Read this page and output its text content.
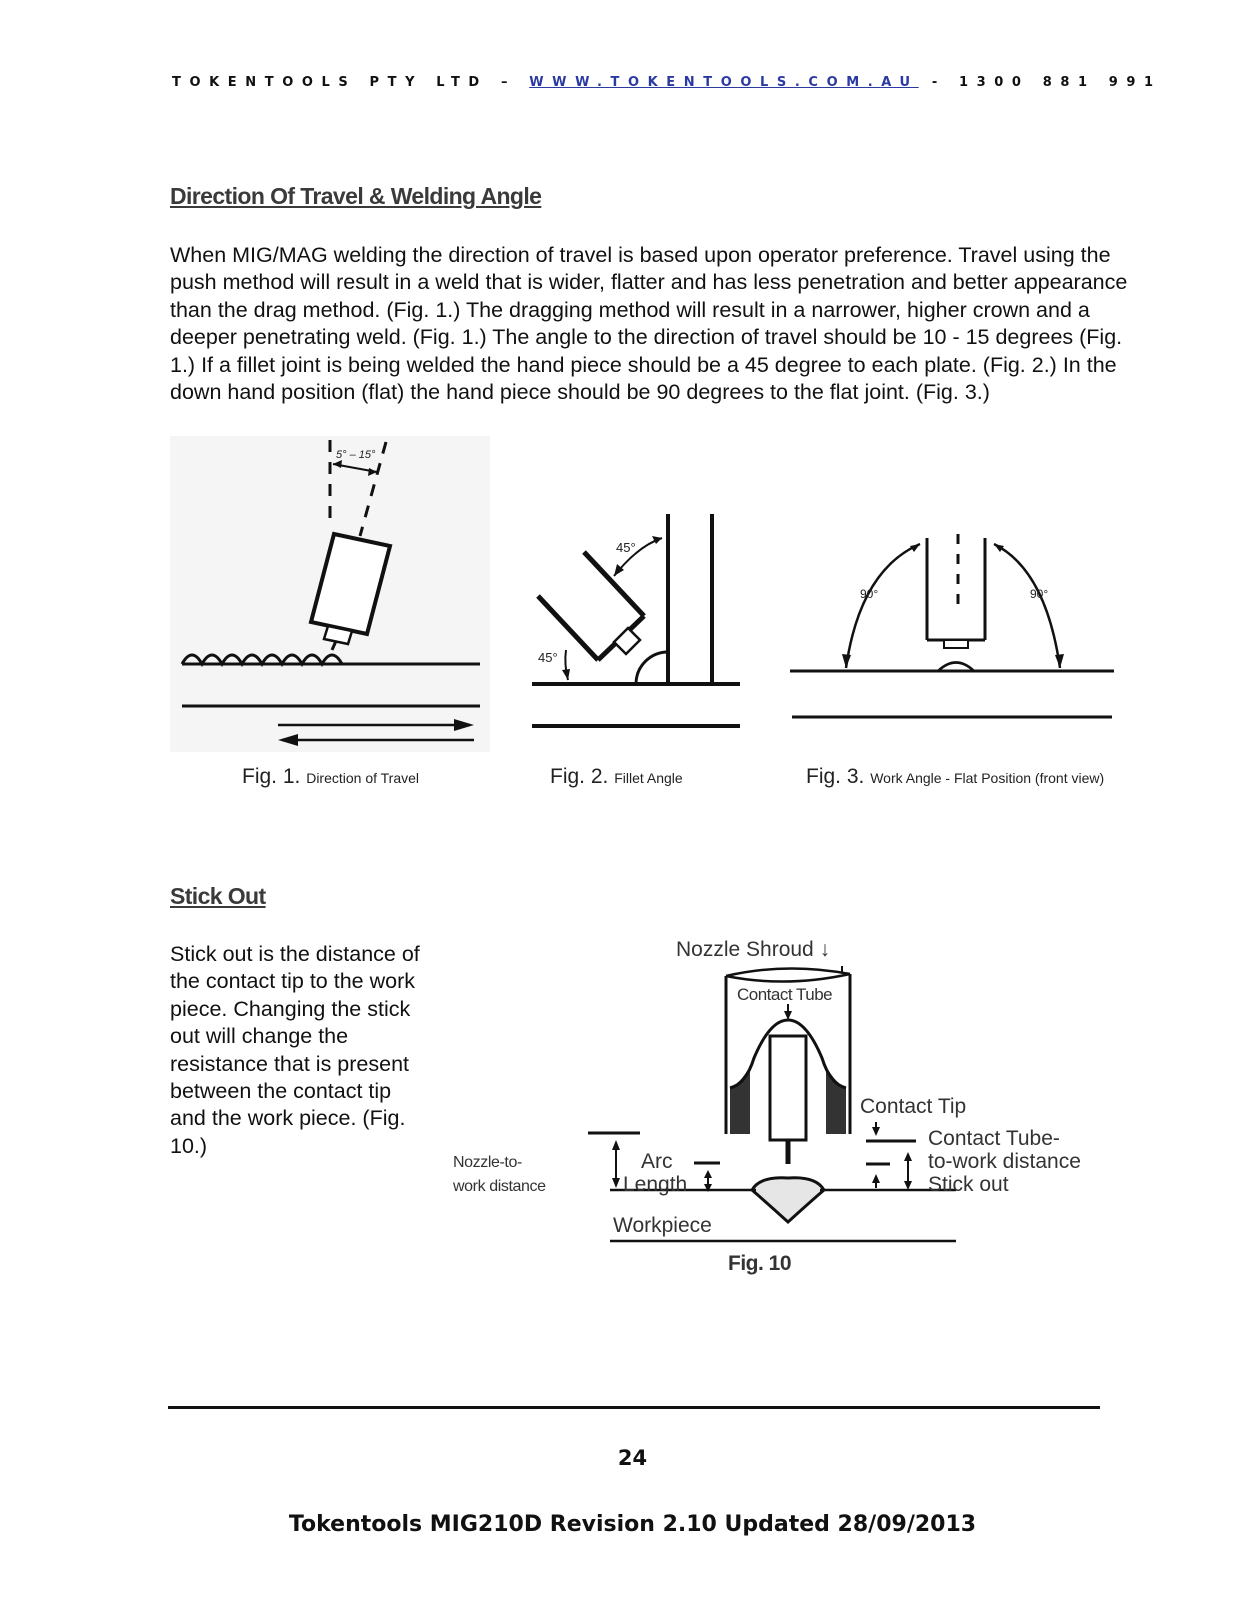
TOKENTOOLS PTY LTD – WWW.TOKENTOOLS.COM.AU - 1300 881 991
Direction Of Travel & Welding Angle
When MIG/MAG welding the direction of travel is based upon operator preference. Travel using the push method will result in a weld that is wider, flatter and has less penetration and better appearance than the drag method. (Fig. 1.) The dragging method will result in a narrower, higher crown and a deeper penetrating weld. (Fig. 1.) The angle to the direction of travel should be 10 - 15 degrees (Fig. 1.) If a fillet joint is being welded the hand piece should be a 45 degree to each plate. (Fig. 2.) In the down hand position (flat) the hand piece should be 90 degrees to the flat joint. (Fig. 3.)
5° – 15°
45°
45°
90°	90°
Fig. 1. Direction of Travel	Fig. 2. Fillet Angle	Fig. 3. Work Angle - Flat Position (front view)
Stick Out
Stick out is the distance of the contact tip to the work piece. Changing the stick out will change the resistance that is present between the contact tip and the work piece. (Fig. 10.)
Nozzle Shroud ↓
Contact Tube
Contact Tip
Contact Tube-
to-work distance
Stick out
Nozzle-to-
work distance
Arc
Length
Workpiece
Fig. 10
24
Tokentools MIG210D Revision 2.10 Updated 28/09/2013
